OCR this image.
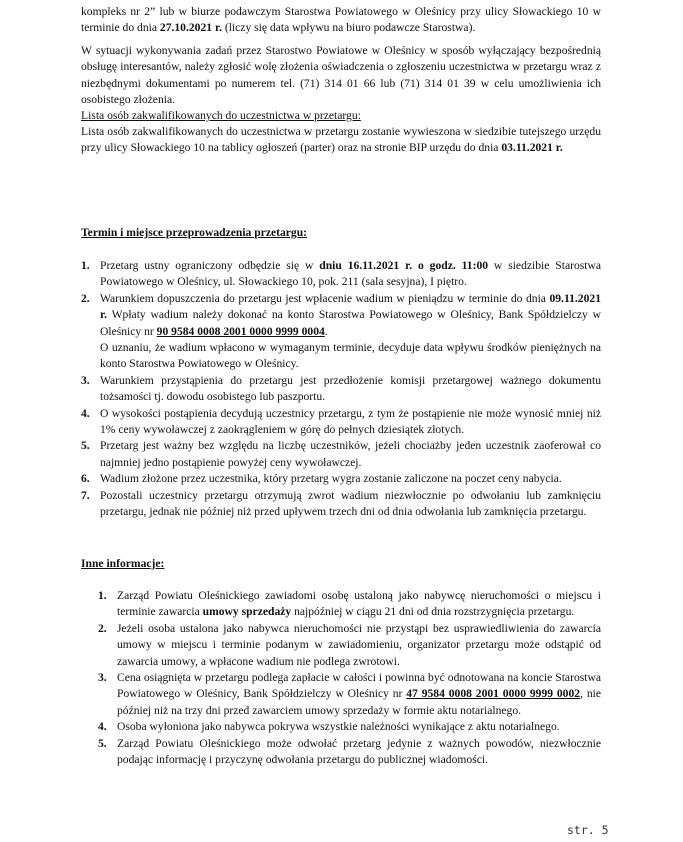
kompleks nr 2” lub w biurze podawczym Starostwa Powiatowego w Oleśnicy przy ulicy Słowackiego 10 w terminie do dnia 27.10.2021 r. (liczy się data wpływu na biuro podawcze Starostwa).
W sytuacji wykonywania zadań przez Starostwo Powiatowe w Oleśnicy w sposób wyłączający bezpośrednią obsługę interesantów, należy zgłosić wolę złożenia oświadczenia o zgłoszeniu uczestnictwa w przetargu wraz z niezbędnymi dokumentami po numerem tel. (71) 314 01 66 lub (71) 314 01 39 w celu umożliwienia ich osobistego złożenia.
Lista osób zakwalifikowanych do uczestnictwa w przetargu:
Lista osób zakwalifikowanych do uczestnictwa w przetargu zostanie wywieszona w siedzibie tutejszego urzędu przy ulicy Słowackiego 10 na tablicy ogłoszeń (parter) oraz na stronie BIP urzędu do dnia 03.11.2021 r.
Termin i miejsce przeprowadzenia przetargu:
1. Przetarg ustny ograniczony odbędzie się w dniu 16.11.2021 r. o godz. 11:00 w siedzibie Starostwa Powiatowego w Oleśnicy, ul. Słowackiego 10, pok. 211 (sala sesyjna), I piętro.
2. Warunkiem dopuszczenia do przetargu jest wpłacenie wadium w pieniądzu w terminie do dnia 09.11.2021 r. Wpłaty wadium należy dokonać na konto Starostwa Powiatowego w Oleśnicy, Bank Spółdzielczy w Oleśnicy nr 90 9584 0008 2001 0000 9999 0004.
O uznaniu, że wadium wpłacono w wymaganym terminie, decyduje data wpływu środków pieniężnych na konto Starostwa Powiatowego w Oleśnicy.
3. Warunkiem przystąpienia do przetargu jest przedłożenie komisji przetargowej ważnego dokumentu tożsamości tj. dowodu osobistego lub paszportu.
4. O wysokości postąpienia decydują uczestnicy przetargu, z tym że postąpienie nie może wynosić mniej niż 1% ceny wywoławczej z zaokrągleniem w górę do pełnych dziesiątek złotych.
5. Przetarg jest ważny bez względu na liczbę uczestników, jeżeli chociażby jeden uczestnik zaoferował co najmniej jedno postąpienie powyżej ceny wywoławczej.
6. Wadium złożone przez uczestnika, który przetarg wygra zostanie zaliczone na poczet ceny nabycia.
7. Pozostali uczestnicy przetargu otrzymują zwrot wadium niezwłocznie po odwołaniu lub zamknięciu przetargu, jednak nie później niż przed upływem trzech dni od dnia odwołania lub zamknięcia przetargu.
Inne informacje:
1. Zarząd Powiatu Oleśnickiego zawiadomi osobę ustaloną jako nabywcę nieruchomości o miejscu i terminie zawarcia umowy sprzedaży najpóźniej w ciągu 21 dni od dnia rozstrzygnięcia przetargu.
2. Jeżeli osoba ustalona jako nabywca nieruchomości nie przystąpi bez usprawiedliwienia do zawarcia umowy w miejscu i terminie podanym w zawiadomieniu, organizator przetargu może odstąpić od zawarcia umowy, a wpłacone wadium nie podlega zwrotowi.
3. Cena osiągnięta w przetargu podlega zapłacie w całości i powinna być odnotowana na koncie Starostwa Powiatowego w Oleśnicy, Bank Spółdzielczy w Oleśnicy nr 47 9584 0008 2001 0000 9999 0002, nie później niż na trzy dni przed zawarciem umowy sprzedaży w formie aktu notarialnego.
4. Osoba wyłoniona jako nabywca pokrywa wszystkie należności wynikające z aktu notarialnego.
5. Zarząd Powiatu Oleśnickiego może odwołać przetarg jedynie z ważnych powodów, niezwłocznie podając informację i przyczynę odwołania przetargu do publicznej wiadomości.
str. 5
